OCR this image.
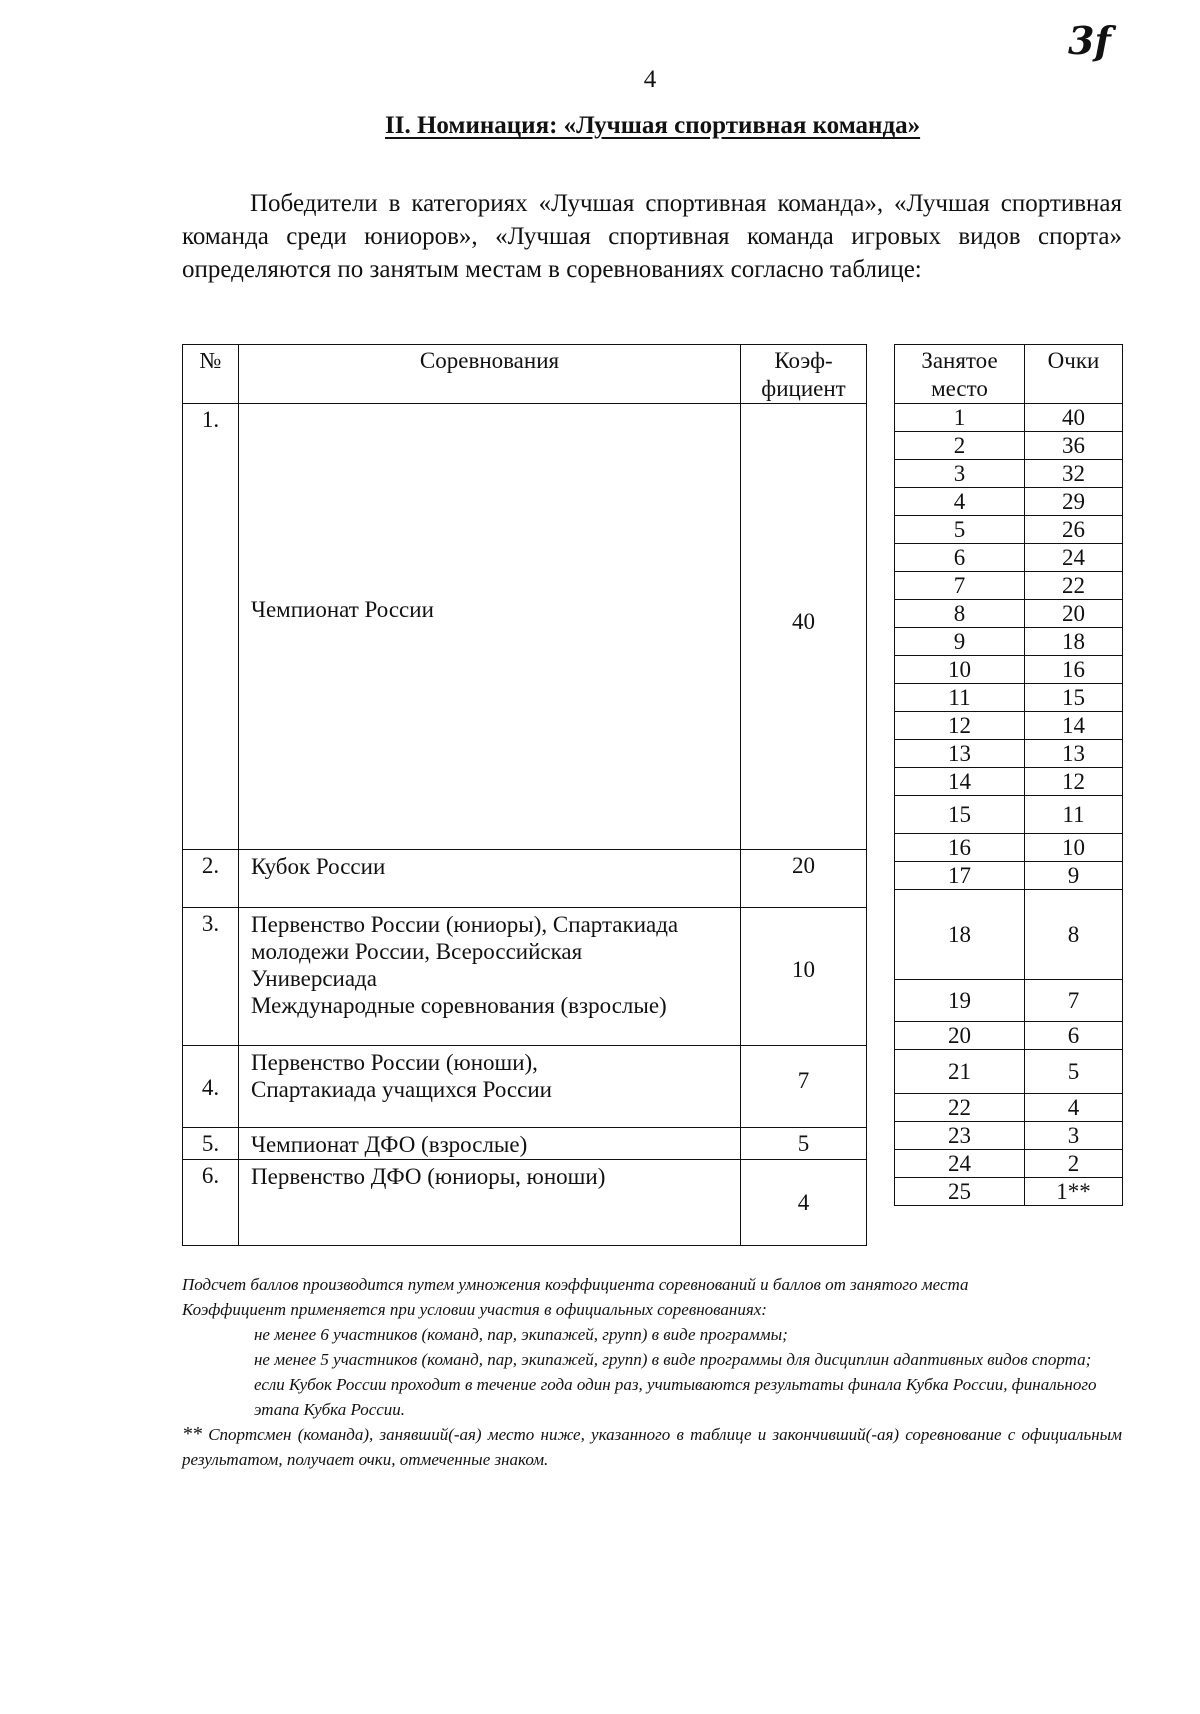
3f
4
II. Номинация: «Лучшая спортивная команда»
Победители в категориях «Лучшая спортивная команда», «Лучшая спортивная команда среди юниоров», «Лучшая спортивная команда игровых видов спорта» определяются по занятым местам в соревнованиях согласно таблице:
№	Соревнования	Коэф-
фициент

1.	Чемпионат России	40
2.	Кубок России	20
3.	Первенство России (юниоры), Спартакиада
молодежи России, Всероссийская
Универсиада
Международные соревнования (взрослые)	10
4.	Первенство России (юноши),
Спартакиада учащихся России	7
5.	Чемпионат ДФО (взрослые)	5
6.	Первенство ДФО (юниоры, юноши)	4
Занятое
место	Очки
1	40
2	36
3	32
4	29
5	26
6	24
7	22
8	20
9	18
10	16
11	15
12	14
13	13
14	12
15	11
16	10
17	9
18	8
19	7
20	6
21	5
22	4
23	3
24	2
25	1**
Подсчет баллов производится путем умножения коэффициента соревнований и баллов от занятого места
Коэффициент применяется при условии участия в официальных соревнованиях:
не менее 6 участников (команд, пар, экипажей, групп) в виде программы;
не менее 5 участников (команд, пар, экипажей, групп) в виде программы для дисциплин адаптивных видов спорта;
если Кубок России проходит в течение года один раз, учитываются результаты финала Кубка России, финального этапа Кубка России.
** Спортсмен (команда), занявший(-ая) место ниже, указанного в таблице и закончивший(-ая) соревнование с официальным результатом, получает очки, отмеченные знаком.
